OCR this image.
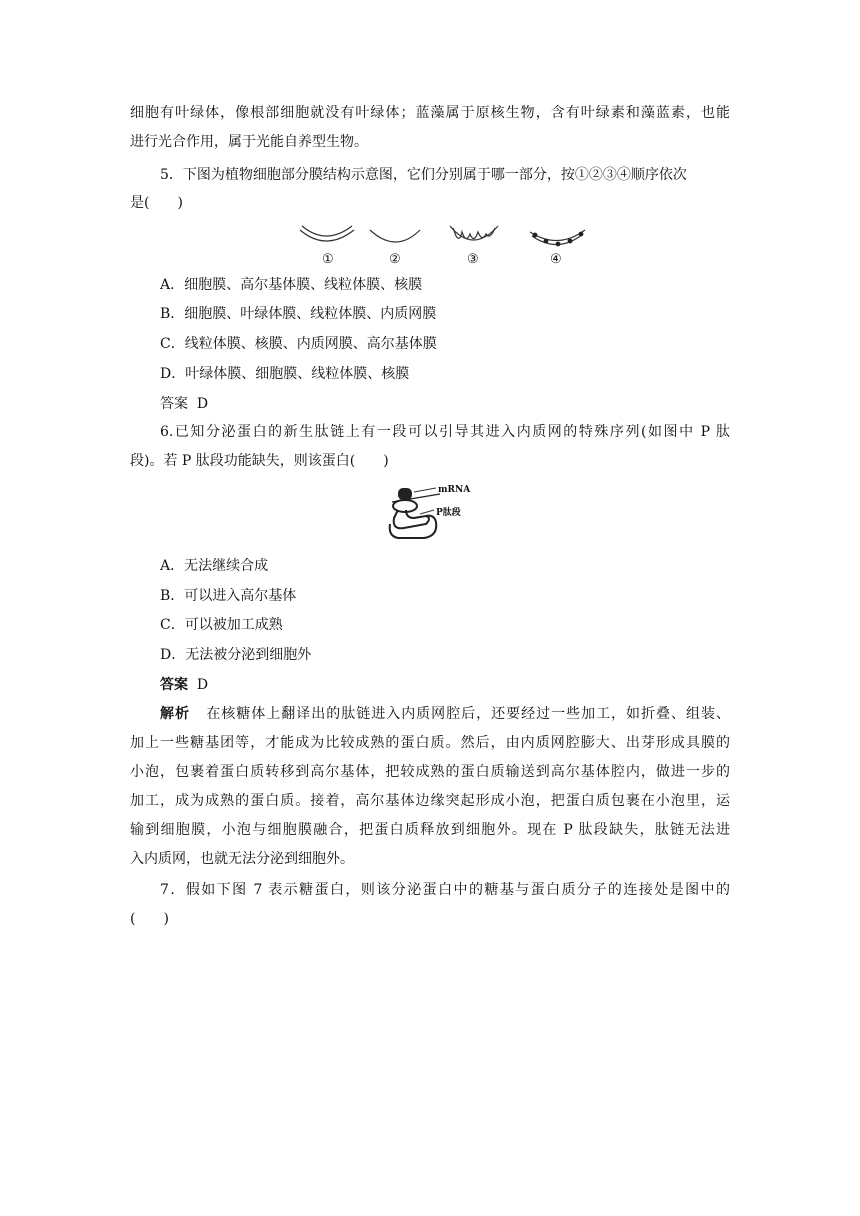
细胞有叶绿体，像根部细胞就没有叶绿体；蓝藻属于原核生物，含有叶绿素和藻蓝素，也能
进行光合作用，属于光能自养型生物。
5．下图为植物细胞部分膜结构示意图，它们分别属于哪一部分，按①②③④顺序依次
是(　　)
①	②	③	④
A．细胞膜、高尔基体膜、线粒体膜、核膜
B．细胞膜、叶绿体膜、线粒体膜、内质网膜
C．线粒体膜、核膜、内质网膜、高尔基体膜
D．叶绿体膜、细胞膜、线粒体膜、核膜
答案 D
6.已知分泌蛋白的新生肽链上有一段可以引导其进入内质网的特殊序列(如图中 P 肽
段)。若 P 肽段功能缺失，则该蛋白(　　)
mRNA
P肽段
A．无法继续合成
B．可以进入高尔基体
C．可以被加工成熟
D．无法被分泌到细胞外
答案 D
解析 在核糖体上翻译出的肽链进入内质网腔后，还要经过一些加工，如折叠、组装、
加上一些糖基团等，才能成为比较成熟的蛋白质。然后，由内质网腔膨大、出芽形成具膜的
小泡，包裹着蛋白质转移到高尔基体，把较成熟的蛋白质输送到高尔基体腔内，做进一步的
加工，成为成熟的蛋白质。接着，高尔基体边缘突起形成小泡，把蛋白质包裹在小泡里，运
输到细胞膜，小泡与细胞膜融合，把蛋白质释放到细胞外。现在 P 肽段缺失，肽链无法进
入内质网，也就无法分泌到细胞外。
7．假如下图 7 表示糖蛋白，则该分泌蛋白中的糖基与蛋白质分子的连接处是图中的
(　　)
